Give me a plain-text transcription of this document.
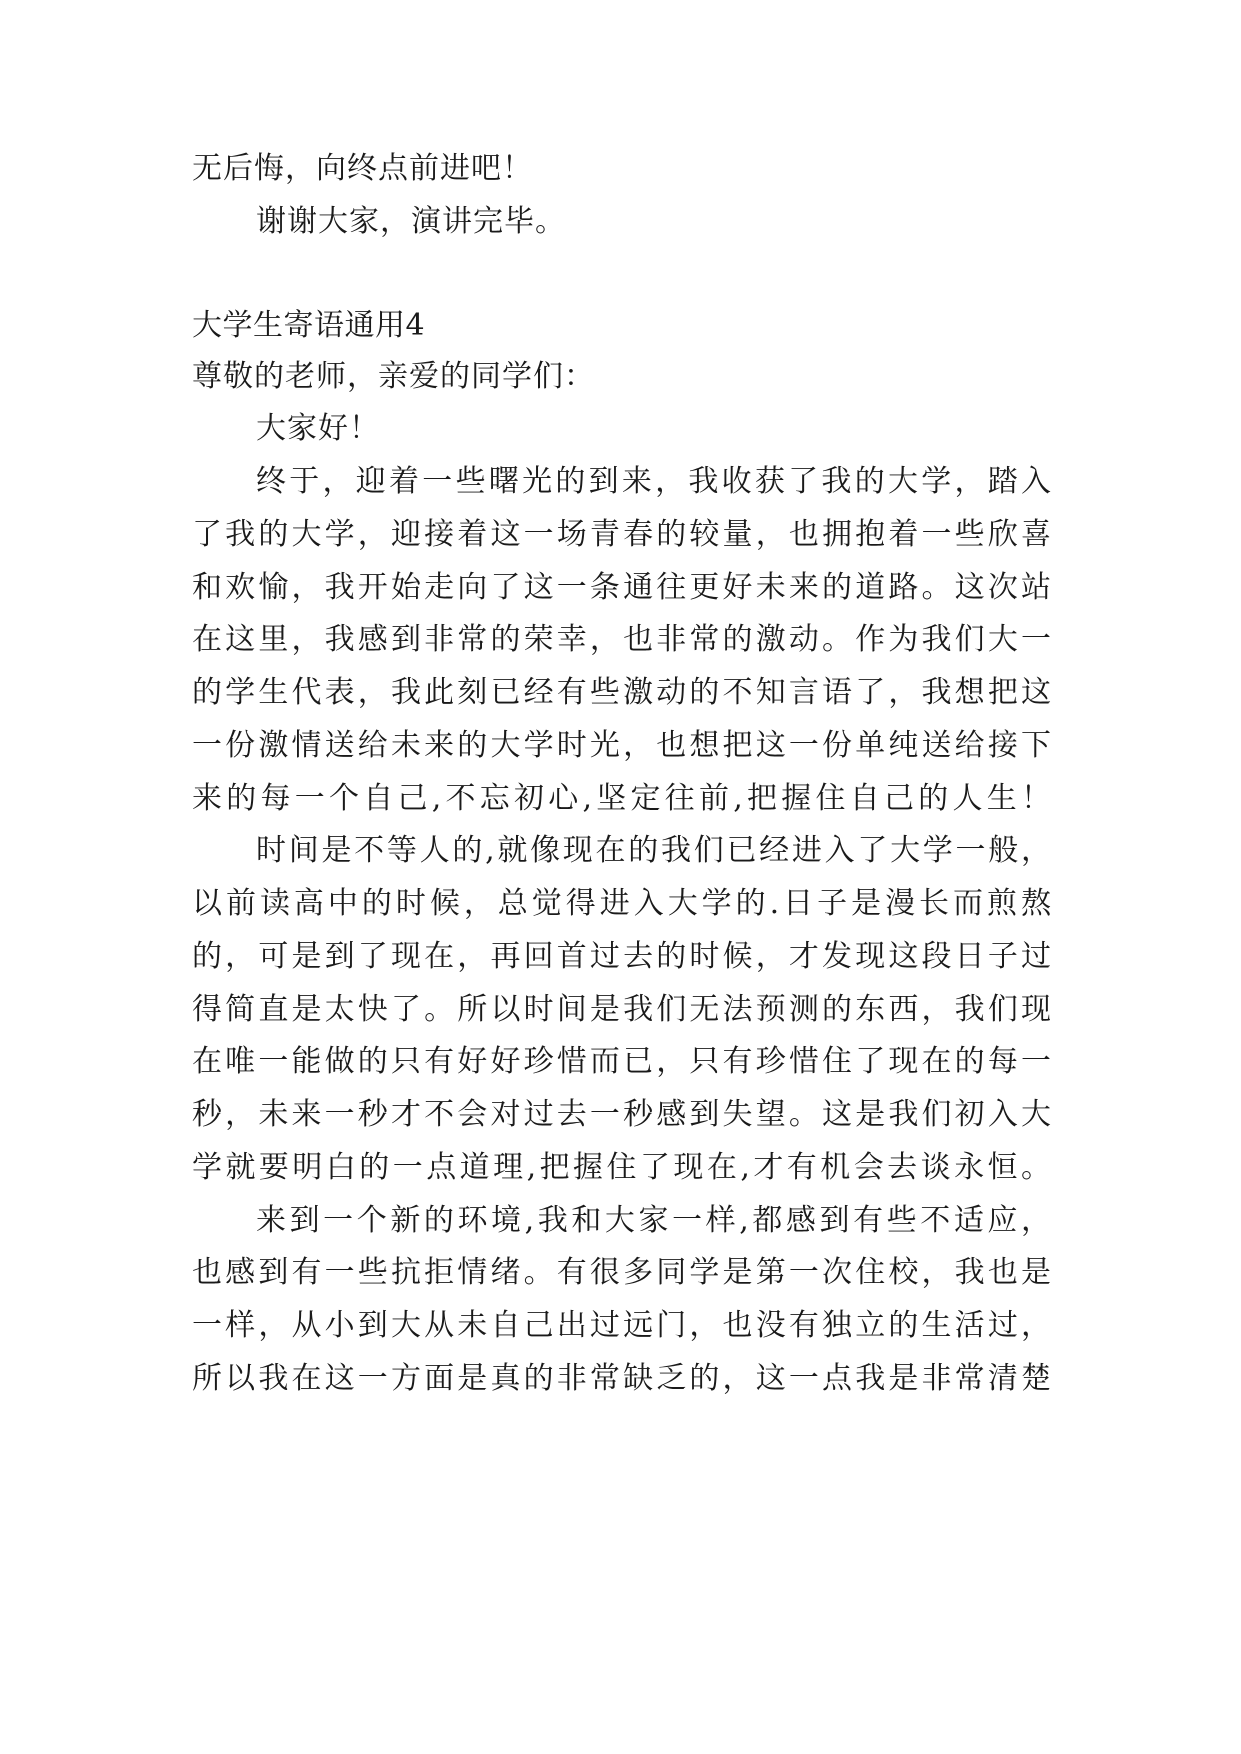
无后悔，向终点前进吧！

谢谢大家，演讲完毕。

大学生寄语通用4

尊敬的老师，亲爱的同学们：

大家好！

终于，迎着一些曙光的到来，我收获了我的大学，踏入

了我的大学，迎接着这一场青春的较量，也拥抱着一些欣喜

和欢愉，我开始走向了这一条通往更好未来的道路。这次站

在这里，我感到非常的荣幸，也非常的激动。作为我们大一

的学生代表，我此刻已经有些激动的不知言语了，我想把这

一份激情送给未来的大学时光，也想把这一份单纯送给接下

来的每一个自己,不忘初心,坚定往前,把握住自己的人生！

时间是不等人的,就像现在的我们已经进入了大学一般，

以前读高中的时候，总觉得进入大学的.日子是漫长而煎熬

的，可是到了现在，再回首过去的时候，才发现这段日子过

得简直是太快了。所以时间是我们无法预测的东西，我们现

在唯一能做的只有好好珍惜而已，只有珍惜住了现在的每一

秒，未来一秒才不会对过去一秒感到失望。这是我们初入大

学就要明白的一点道理,把握住了现在,才有机会去谈永恒。

来到一个新的环境,我和大家一样,都感到有些不适应，

也感到有一些抗拒情绪。有很多同学是第一次住校，我也是

一样，从小到大从未自己出过远门，也没有独立的生活过，

所以我在这一方面是真的非常缺乏的，这一点我是非常清楚
